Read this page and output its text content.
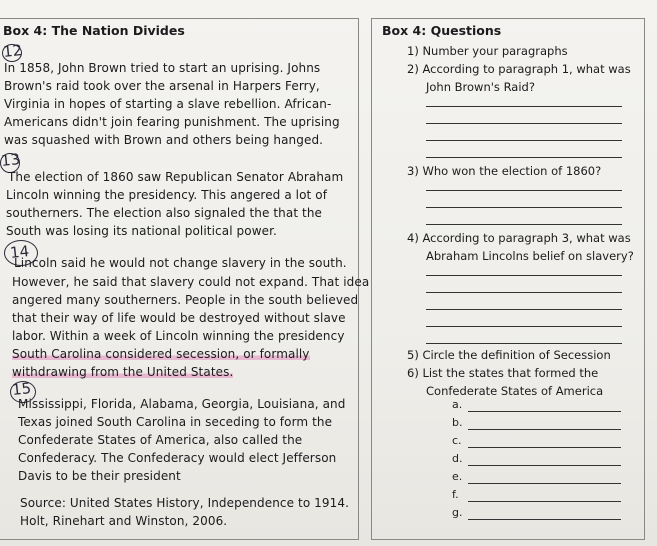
Box 4: The Nation Divides
12
In 1858, John Brown tried to start an uprising. Johns
Brown's raid took over the arsenal in Harpers Ferry,
Virginia in hopes of starting a slave rebellion. African-
Americans didn't join fearing punishment. The uprising
was squashed with Brown and others being hanged.
13
The election of 1860 saw Republican Senator Abraham
Lincoln winning the presidency. This angered a lot of
southerners. The election also signaled the that the
South was losing its national political power.
14
Lincoln said he would not change slavery in the south.
However, he said that slavery could not expand. That idea
angered many southerners. People in the south believed
that their way of life would be destroyed without slave
labor. Within a week of Lincoln winning the presidency
South Carolina considered secession, or formally
withdrawing from the United States.
15
Mississippi, Florida, Alabama, Georgia, Louisiana, and
Texas joined South Carolina in seceding to form the
Confederate States of America, also called the
Confederacy. The Confederacy would elect Jefferson
Davis to be their president
Source: United States History, Independence to 1914.
Holt, Rinehart and Winston, 2006.
Box 4: Questions
1) Number your paragraphs
2) According to paragraph 1, what was
John Brown's Raid?
3) Who won the election of 1860?
4) According to paragraph 3, what was
Abraham Lincolns belief on slavery?
5) Circle the definition of Secession
6) List the states that formed the
Confederate States of America
a.
b.
c.
d.
e.
f.
g.
